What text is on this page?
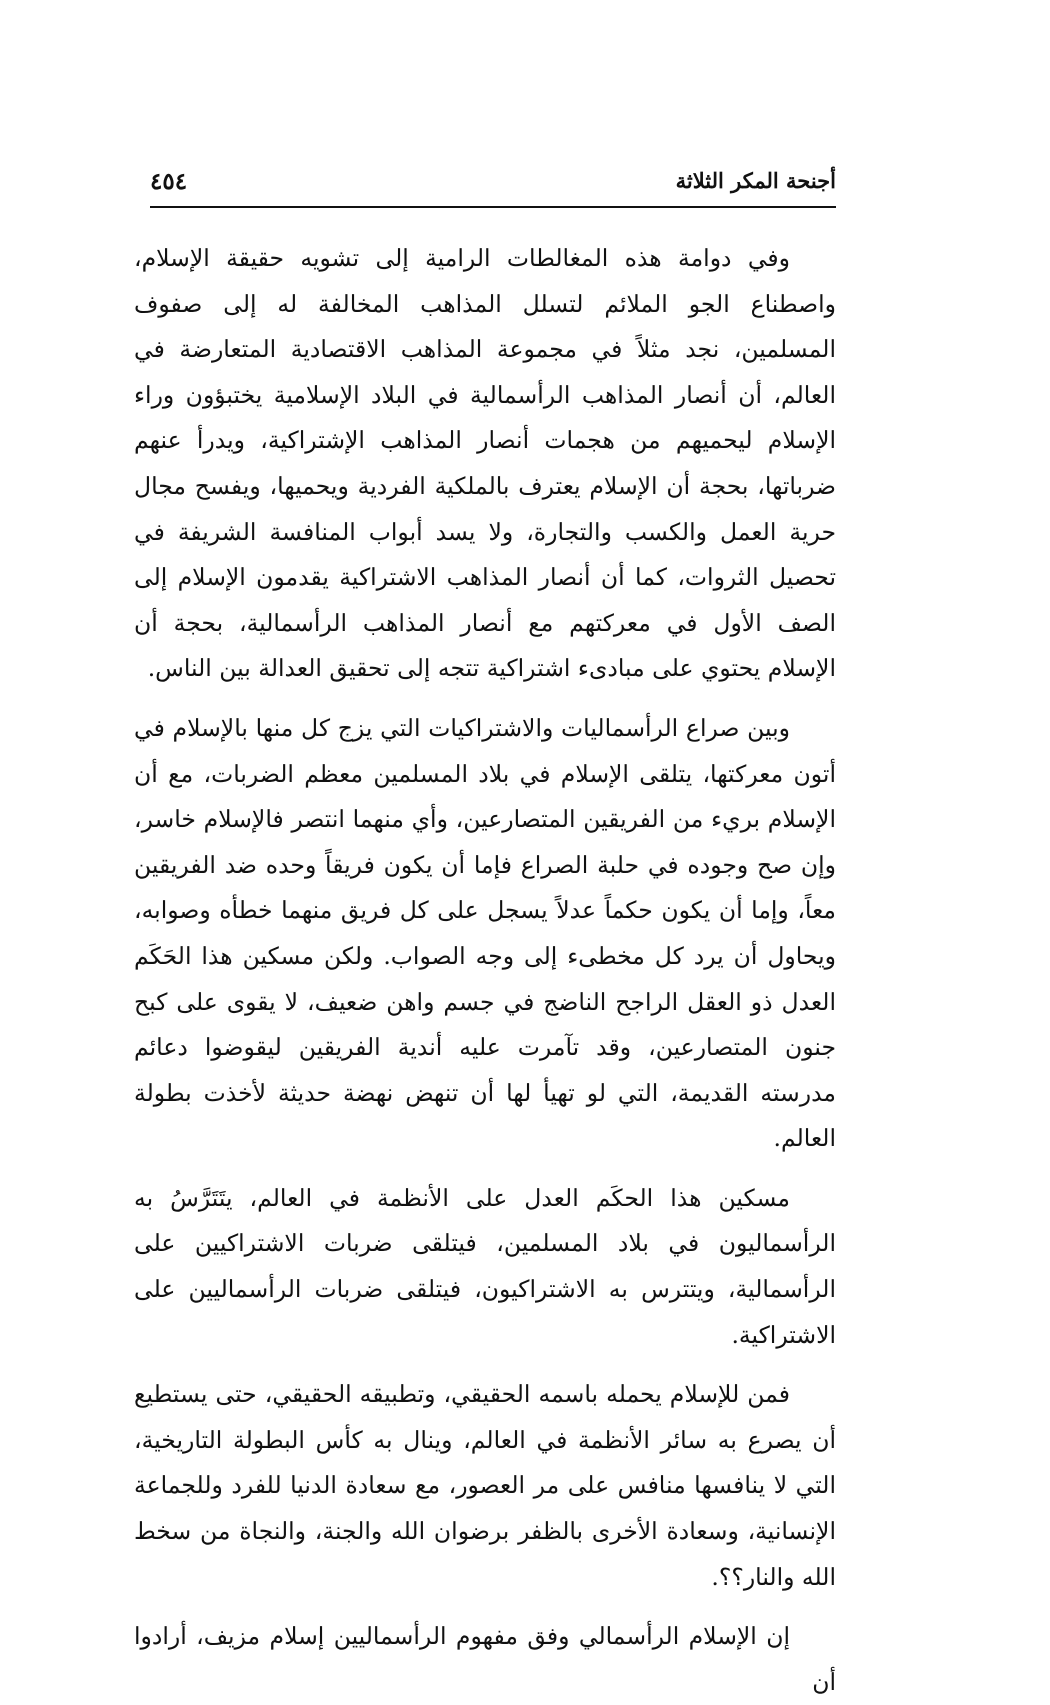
أجنحة المكر الثلاثة
٤٥٤

وفي دوامة هذه المغالطات الرامية إلى تشويه حقيقة الإسلام، واصطناع الجو الملائم لتسلل المذاهب المخالفة له إلى صفوف المسلمين، نجد مثلاً في مجموعة المذاهب الاقتصادية المتعارضة في العالم، أن أنصار المذاهب الرأسمالية في البلاد الإسلامية يختبؤون وراء الإسلام ليحميهم من هجمات أنصار المذاهب الإشتراكية، ويدرأ عنهم ضرباتها، بحجة أن الإسلام يعترف بالملكية الفردية ويحميها، ويفسح مجال حرية العمل والكسب والتجارة، ولا يسد أبواب المنافسة الشريفة في تحصيل الثروات، كما أن أنصار المذاهب الاشتراكية يقدمون الإسلام إلى الصف الأول في معركتهم مع أنصار المذاهب الرأسمالية، بحجة أن الإسلام يحتوي على مبادىء اشتراكية تتجه إلى تحقيق العدالة بين الناس.

وبين صراع الرأسماليات والاشتراكيات التي يزج كل منها بالإسلام في أتون معركتها، يتلقى الإسلام في بلاد المسلمين معظم الضربات، مع أن الإسلام بريء من الفريقين المتصارعين، وأي منهما انتصر فالإسلام خاسر، وإن صح وجوده في حلبة الصراع فإما أن يكون فريقاً وحده ضد الفريقين معاً، وإما أن يكون حكماً عدلاً يسجل على كل فريق منهما خطأه وصوابه، ويحاول أن يرد كل مخطىء إلى وجه الصواب. ولكن مسكين هذا الحَكَم العدل ذو العقل الراجح الناضج في جسم واهن ضعيف، لا يقوى على كبح جنون المتصارعين، وقد تآمرت عليه أندية الفريقين ليقوضوا دعائم مدرسته القديمة، التي لو تهيأ لها أن تنهض نهضة حديثة لأخذت بطولة العالم.

مسكين هذا الحكَم العدل على الأنظمة في العالم، يتَتَرَّسُ به الرأسماليون في بلاد المسلمين، فيتلقى ضربات الاشتراكيين على الرأسمالية، ويتترس به الاشتراكيون، فيتلقى ضربات الرأسماليين على الاشتراكية.

فمن للإسلام يحمله باسمه الحقيقي، وتطبيقه الحقيقي، حتى يستطيع أن يصرع به سائر الأنظمة في العالم، وينال به كأس البطولة التاريخية، التي لا ينافسها منافس على مر العصور، مع سعادة الدنيا للفرد وللجماعة الإنسانية، وسعادة الأخرى بالظفر برضوان الله والجنة، والنجاة من سخط الله والنار؟؟.

إن الإسلام الرأسمالي وفق مفهوم الرأسماليين إسلام مزيف، أرادوا أن
